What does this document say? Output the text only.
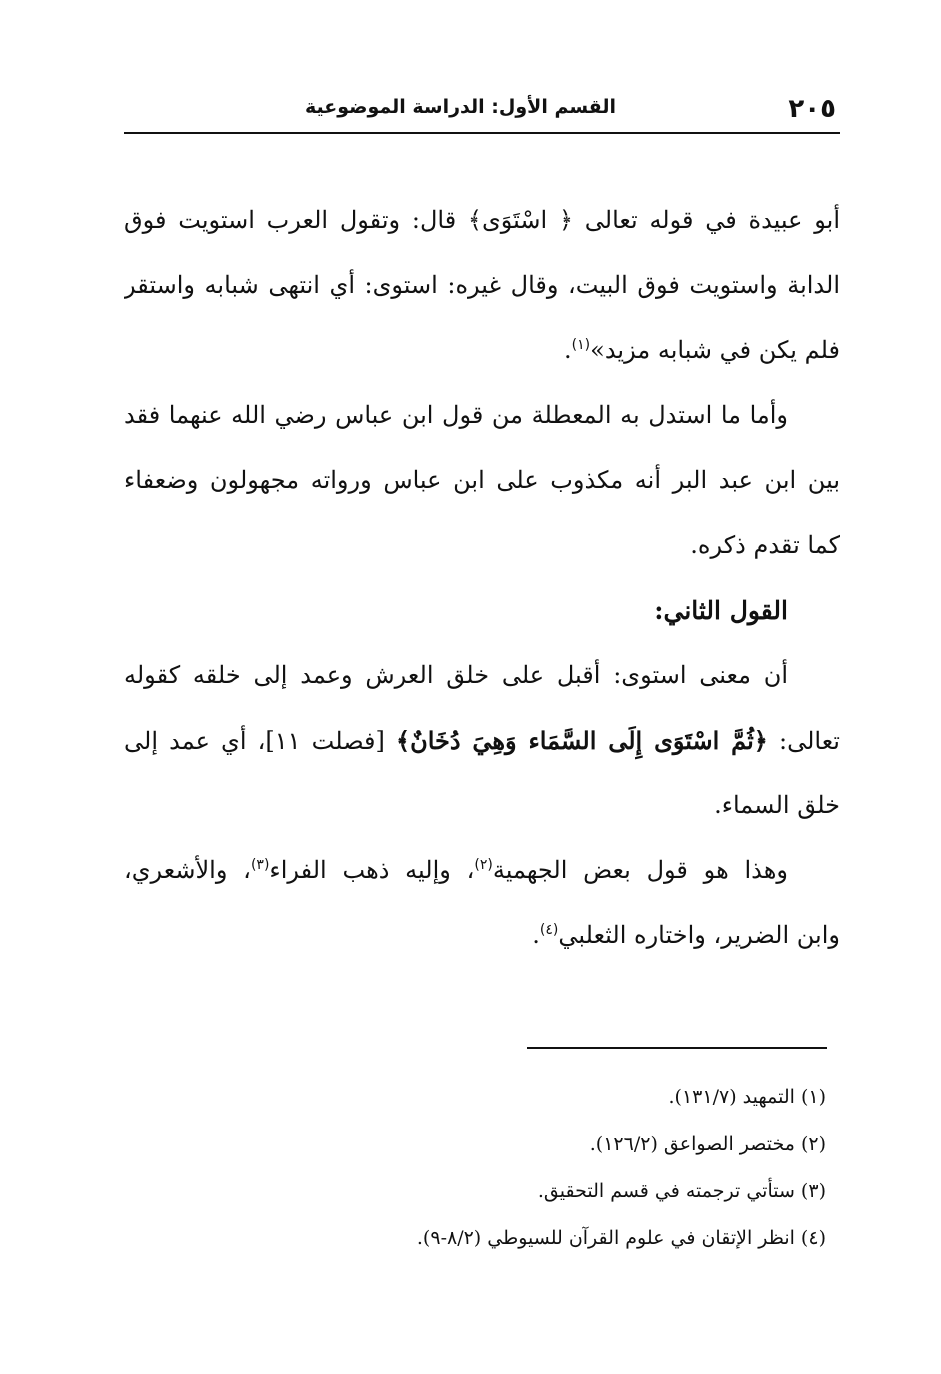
٢٠٥
القسم الأول: الدراسة الموضوعية
أبو عبيدة في قوله تعالى ﴿ اسْتَوَى﴾ قال: وتقول العرب استويت فوق
الدابة واستويت فوق البيت، وقال غيره: استوى: أي انتهى شبابه واستقر
فلم يكن في شبابه مزيد»$^{(١)}$.
وأما ما استدل به المعطلة من قول ابن عباس رضي الله عنهما فقد
بين ابن عبد البر أنه مكذوب على ابن عباس ورواته مجهولون وضعفاء
كما تقدم ذكره.
القول الثاني:
أن معنى استوى: أقبل على خلق العرش وعمد إلى خلقه كقوله
تعالى: ﴿ثُمَّ اسْتَوَى إِلَى السَّمَاء وَهِيَ دُخَانٌ﴾ [فصلت ١١]، أي عمد إلى
خلق السماء.
وهذا هو قول بعض الجهمية$^{(٢)}$، وإليه ذهب الفراء$^{(٣)}$، والأشعري،
وابن الضرير، واختاره الثعلبي$^{(٤)}$.
(١) التمهيد (١٣١/٧).
(٢) مختصر الصواعق (١٢٦/٢).
(٣) ستأتي ترجمته في قسم التحقيق.
(٤) انظر الإتقان في علوم القرآن للسيوطي (٨/٢-٩).
